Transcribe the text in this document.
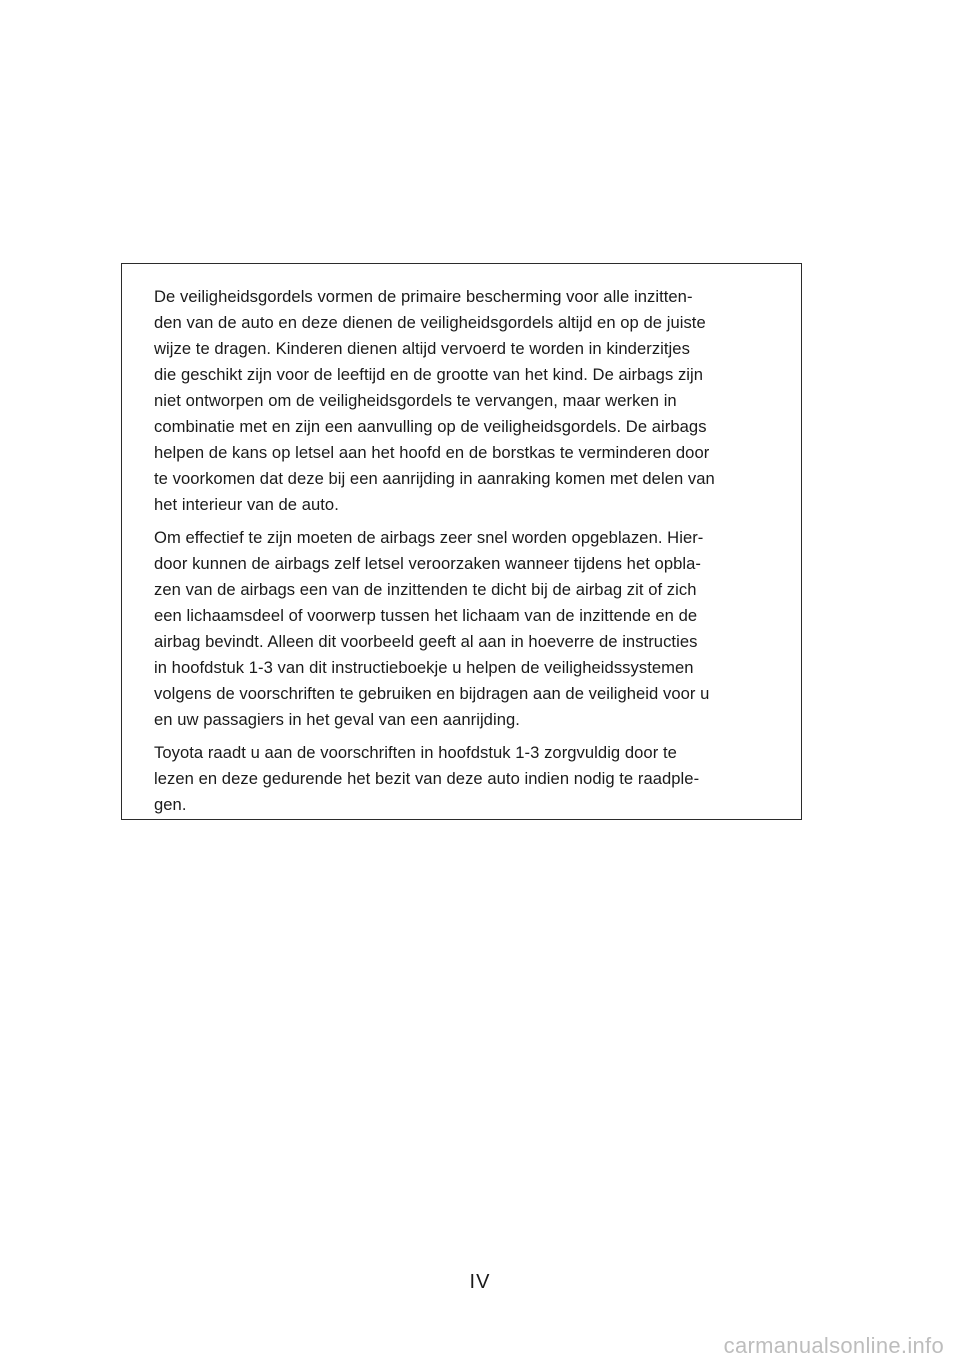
De veiligheidsgordels vormen de primaire bescherming voor alle inzitten-
den van de auto en deze dienen de veiligheidsgordels altijd en op de juiste
wijze te dragen. Kinderen dienen altijd vervoerd te worden in kinderzitjes
die geschikt zijn voor de leeftijd en de grootte van het kind. De airbags zijn
niet ontworpen om de veiligheidsgordels te vervangen, maar werken in
combinatie met en zijn een aanvulling op de veiligheidsgordels. De airbags
helpen de kans op letsel aan het hoofd en de borstkas te verminderen door
te voorkomen dat deze bij een aanrijding in aanraking komen met delen van
het interieur van de auto.

Om effectief te zijn moeten de airbags zeer snel worden opgeblazen. Hier-
door kunnen de airbags zelf letsel veroorzaken wanneer tijdens het opbla-
zen van de airbags een van de inzittenden te dicht bij de airbag zit of zich
een lichaamsdeel of voorwerp tussen het lichaam van de inzittende en de
airbag bevindt. Alleen dit voorbeeld geeft al aan in hoeverre de instructies
in hoofdstuk 1-3 van dit instructieboekje u helpen de veiligheidssystemen
volgens de voorschriften te gebruiken en bijdragen aan de veiligheid voor u
en uw passagiers in het geval van een aanrijding.

Toyota raadt u aan de voorschriften in hoofdstuk 1-3 zorgvuldig door te
lezen en deze gedurende het bezit van deze auto indien nodig te raadple-
gen.

IV
carmanualsonline.info
